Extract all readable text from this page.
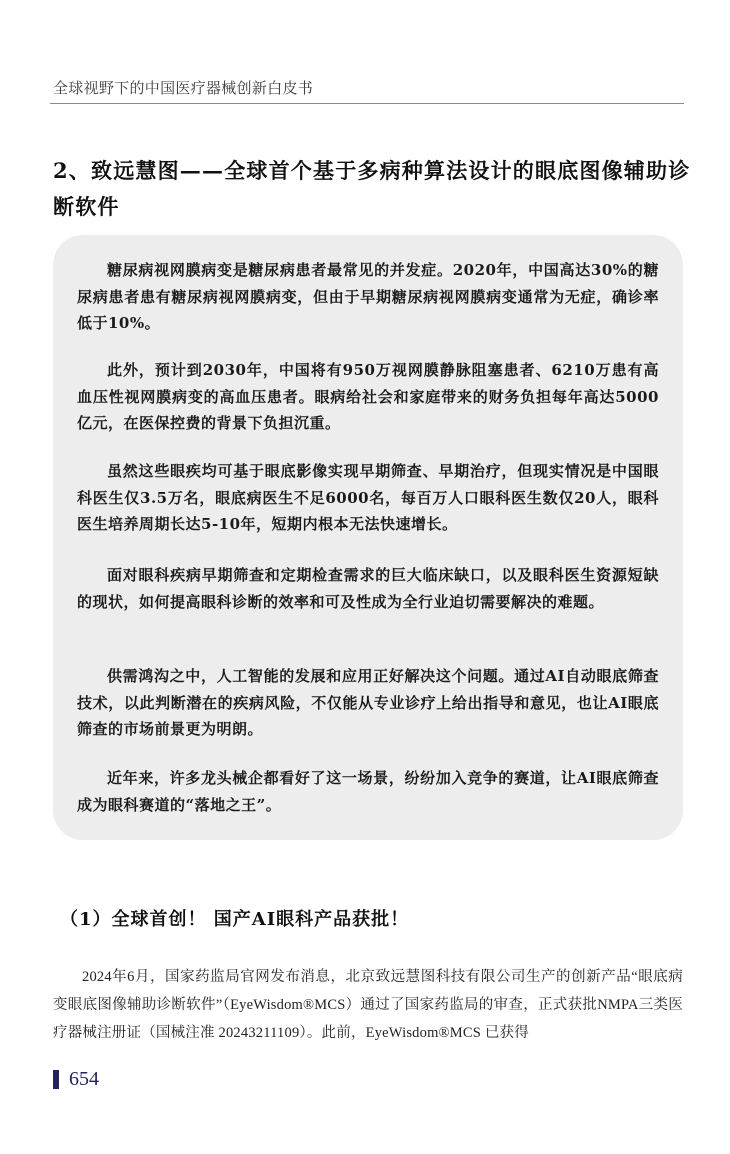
全球视野下的中国医疗器械创新白皮书
2、致远慧图——全球首个基于多病种算法设计的眼底图像辅助诊断软件
糖尿病视网膜病变是糖尿病患者最常见的并发症。2020年，中国高达30%的糖尿病患者患有糖尿病视网膜病变，但由于早期糖尿病视网膜病变通常为无症，确诊率低于10%。
此外，预计到2030年，中国将有950万视网膜静脉阻塞患者、6210万患有高血压性视网膜病变的高血压患者。眼病给社会和家庭带来的财务负担每年高达5000亿元，在医保控费的背景下负担沉重。
虽然这些眼疾均可基于眼底影像实现早期筛查、早期治疗，但现实情况是中国眼科医生仅3.5万名，眼底病医生不足6000名，每百万人口眼科医生数仅20人，眼科医生培养周期长达5-10年，短期内根本无法快速增长。
面对眼科疾病早期筛查和定期检查需求的巨大临床缺口，以及眼科医生资源短缺的现状，如何提高眼科诊断的效率和可及性成为全行业迫切需要解决的难题。
供需鸿沟之中，人工智能的发展和应用正好解决这个问题。通过AI自动眼底筛查技术，以此判断潜在的疾病风险，不仅能从专业诊疗上给出指导和意见，也让AI眼底筛查的市场前景更为明朗。
近年来，许多龙头械企都看好了这一场景，纷纷加入竞争的赛道，让AI眼底筛查成为眼科赛道的“落地之王”。
（1）全球首创！ 国产AI眼科产品获批！
2024年6月，国家药监局官网发布消息，北京致远慧图科技有限公司生产的创新产品“眼底病变眼底图像辅助诊断软件”（EyeWisdom®MCS）通过了国家药监局的审查，正式获批NMPA三类医疗器械注册证（国械注准 20243211109）。此前，EyeWisdom®MCS 已获得
654
